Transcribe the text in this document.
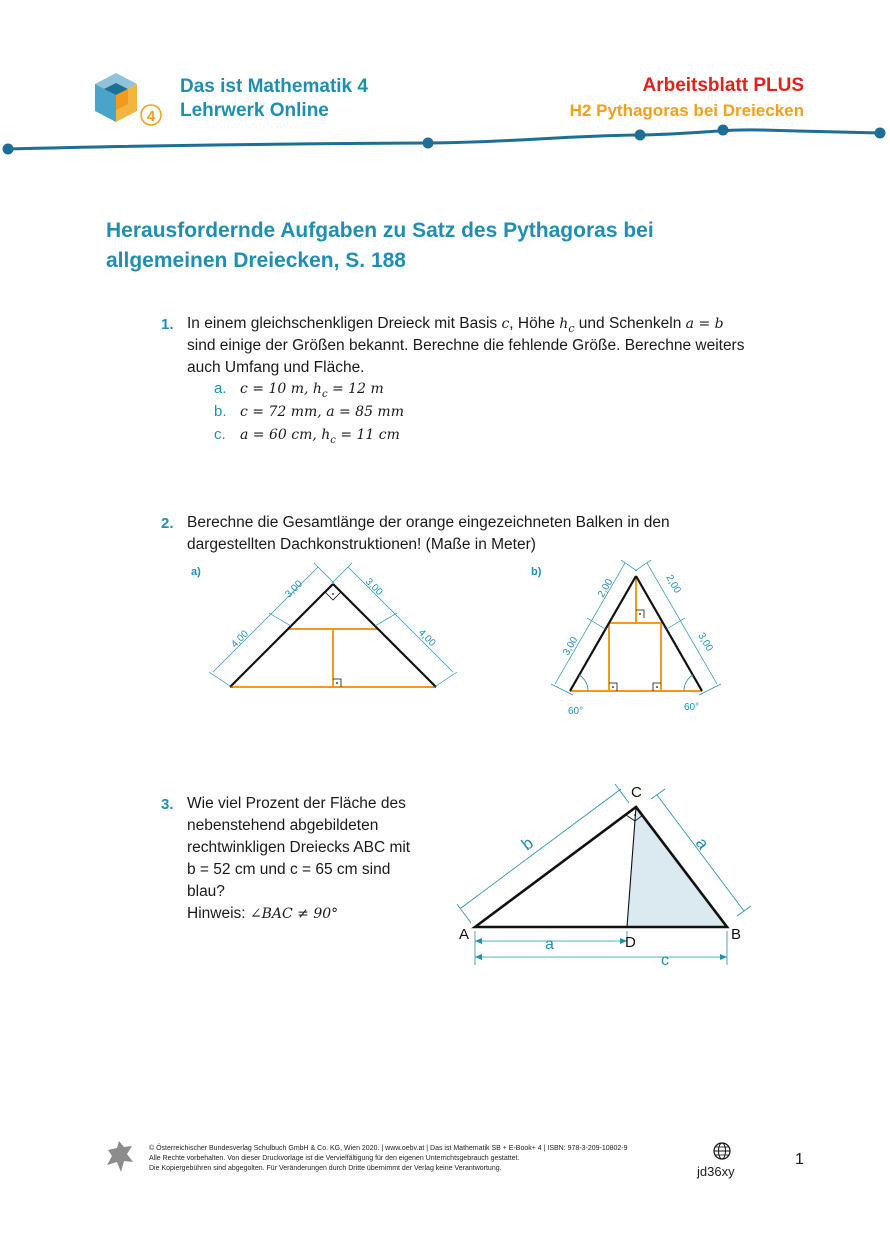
4
Das ist Mathematik 4
Lehrwerk Online
Arbeitsblatt PLUS
H2 Pythagoras bei Dreiecken
Herausfordernde Aufgaben zu Satz des Pythagoras bei
allgemeinen Dreiecken, S. 188
1. In einem gleichschenkligen Dreieck mit Basis c, Höhe $h_c$ und Schenkeln a = b
sind einige der Größen bekannt. Berechne die fehlende Größe. Berechne weiters
auch Umfang und Fläche.
a. c = 10 m, $h_c = 12$ m
b. c = 72 mm, a = 85 mm
c. a = 60 cm, $h_c = 11$ cm
2. Berechne die Gesamtlänge der orange eingezeichneten Balken in den
dargestellten Dachkonstruktionen! (Maße in Meter)
a)
3,00	3,00
4,00	4,00
b)
2,00	2,00
3,00	3,00
60°	60°
3. Wie viel Prozent der Fläche des
nebenstehend abgebildeten
rechtwinkligen Dreiecks ABC mit
b = 52 cm und c = 65 cm sind
blau?
Hinweis: ∠BAC ≠ 90°
A	B
C
D
b	a
a
c
© Österreichischer Bundesverlag Schulbuch GmbH & Co. KG, Wien 2020. | www.oebv.at | Das ist Mathematik SB + E-Book+ 4 | ISBN: 978-3-209-10802-9
Alle Rechte vorbehalten. Von dieser Druckvorlage ist die Vervielfältigung für den eigenen Unterrichtsgebrauch gestattet.
Die Kopiergebühren sind abgegolten. Für Veränderungen durch Dritte übernimmt der Verlag keine Verantwortung.	jd36xy
1
